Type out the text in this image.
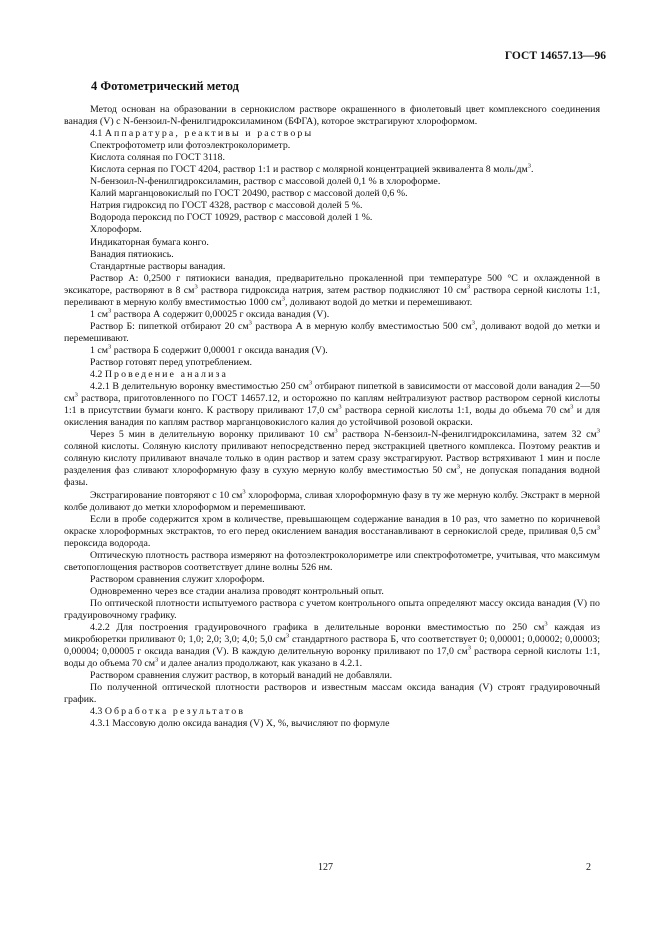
ГОСТ 14657.13—96
4 Фотометрический метод

Метод основан на образовании в сернокислом растворе окрашенного в фиолетовый цвет комплексного соединения ванадия (V) с N-бензоил-N-фенилгидроксиламином (БФГА), которое экстрагируют хлороформом.

4.1 Аппаратура, реактивы и растворы

Спектрофотометр или фотоэлектроколориметр.

Кислота соляная по ГОСТ 3118.

Кислота серная по ГОСТ 4204, раствор 1:1 и раствор с молярной концентрацией эквивалента 8 моль/$дм^3$.

N-бензоил-N-фенилгидроксиламин, раствор с массовой долей 0,1 % в хлороформе.

Калий марганцовокислый по ГОСТ 20490, раствор с массовой долей 0,6 %.

Натрия гидроксид по ГОСТ 4328, раствор с массовой долей 5 %.

Водорода пероксид по ГОСТ 10929, раствор с массовой долей 1 %.

Хлороформ.

Индикаторная бумага конго.

Ванадия пятиокись.

Стандартные растворы ванадия.

Раствор А: 0,2500 г пятиокиси ванадия, предварительно прокаленной при температуре 500 °С и охлажденной в эксикаторе, растворяют в 8 $см^3$ раствора гидроксида натрия, затем раствор подкисляют 10 $см^3$ раствора серной кислоты 1:1, переливают в мерную колбу вместимостью 1000 $см^3$, доливают водой до метки и перемешивают.

1 $см^3$ раствора А содержит 0,00025 г оксида ванадия (V).

Раствор Б: пипеткой отбирают 20 $см^3$ раствора А в мерную колбу вместимостью 500 $см^3$, доливают водой до метки и перемешивают.

1 $см^3$ раствора Б содержит 0,00001 г оксида ванадия (V).

Раствор готовят перед употреблением.

4.2 Проведение анализа

4.2.1 В делительную воронку вместимостью 250 $см^3$ отбирают пипеткой в зависимости от массовой доли ванадия 2—50 $см^3$ раствора, приготовленного по ГОСТ 14657.12, и осторожно по каплям нейтрализуют раствор раствором серной кислоты 1:1 в присутствии бумаги конго. К раствору приливают 17,0 $см^3$ раствора серной кислоты 1:1, воды до объема 70 $см^3$ и для окисления ванадия по каплям раствор марганцовокислого калия до устойчивой розовой окраски.

Через 5 мин в делительную воронку приливают 10 $см^3$ раствора N-бензоил-N-фенилгидроксиламина, затем 32 $см^3$ соляной кислоты. Соляную кислоту приливают непосредственно перед экстракцией цветного комплекса. Поэтому реактив и соляную кислоту приливают вначале только в один раствор и затем сразу экстрагируют. Раствор встряхивают 1 мин и после разделения фаз сливают хлороформную фазу в сухую мерную колбу вместимостью 50 $см^3$, не допуская попадания водной фазы.

Экстрагирование повторяют с 10 $см^3$ хлороформа, сливая хлороформную фазу в ту же мерную колбу. Экстракт в мерной колбе доливают до метки хлороформом и перемешивают.

Если в пробе содержится хром в количестве, превышающем содержание ванадия в 10 раз, что заметно по коричневой окраске хлороформных экстрактов, то его перед окислением ванадия восстанавливают в сернокислой среде, приливая 0,5 $см^3$ пероксида водорода.

Оптическую плотность раствора измеряют на фотоэлектроколориметре или спектрофотометре, учитывая, что максимум светопоглощения растворов соответствует длине волны 526 нм.

Раствором сравнения служит хлороформ.

Одновременно через все стадии анализа проводят контрольный опыт.

По оптической плотности испытуемого раствора с учетом контрольного опыта определяют массу оксида ванадия (V) по градуировочному графику.

4.2.2 Для построения градуировочного графика в делительные воронки вместимостью по 250 $см^3$ каждая из микробюретки приливают 0; 1,0; 2,0; 3,0; 4,0; 5,0 $см^3$ стандартного раствора Б, что соответствует 0; 0,00001; 0,00002; 0,00003; 0,00004; 0,00005 г оксида ванадия (V). В каждую делительную воронку приливают по 17,0 $см^3$ раствора серной кислоты 1:1, воды до объема 70 $см^3$ и далее анализ продолжают, как указано в 4.2.1.

Раствором сравнения служит раствор, в который ванадий не добавляли.

По полученной оптической плотности растворов и известным массам оксида ванадия (V) строят градуировочный график.

4.3 Обработка результатов

4.3.1 Массовую долю оксида ванадия (V) X, %, вычисляют по формуле

127	2
